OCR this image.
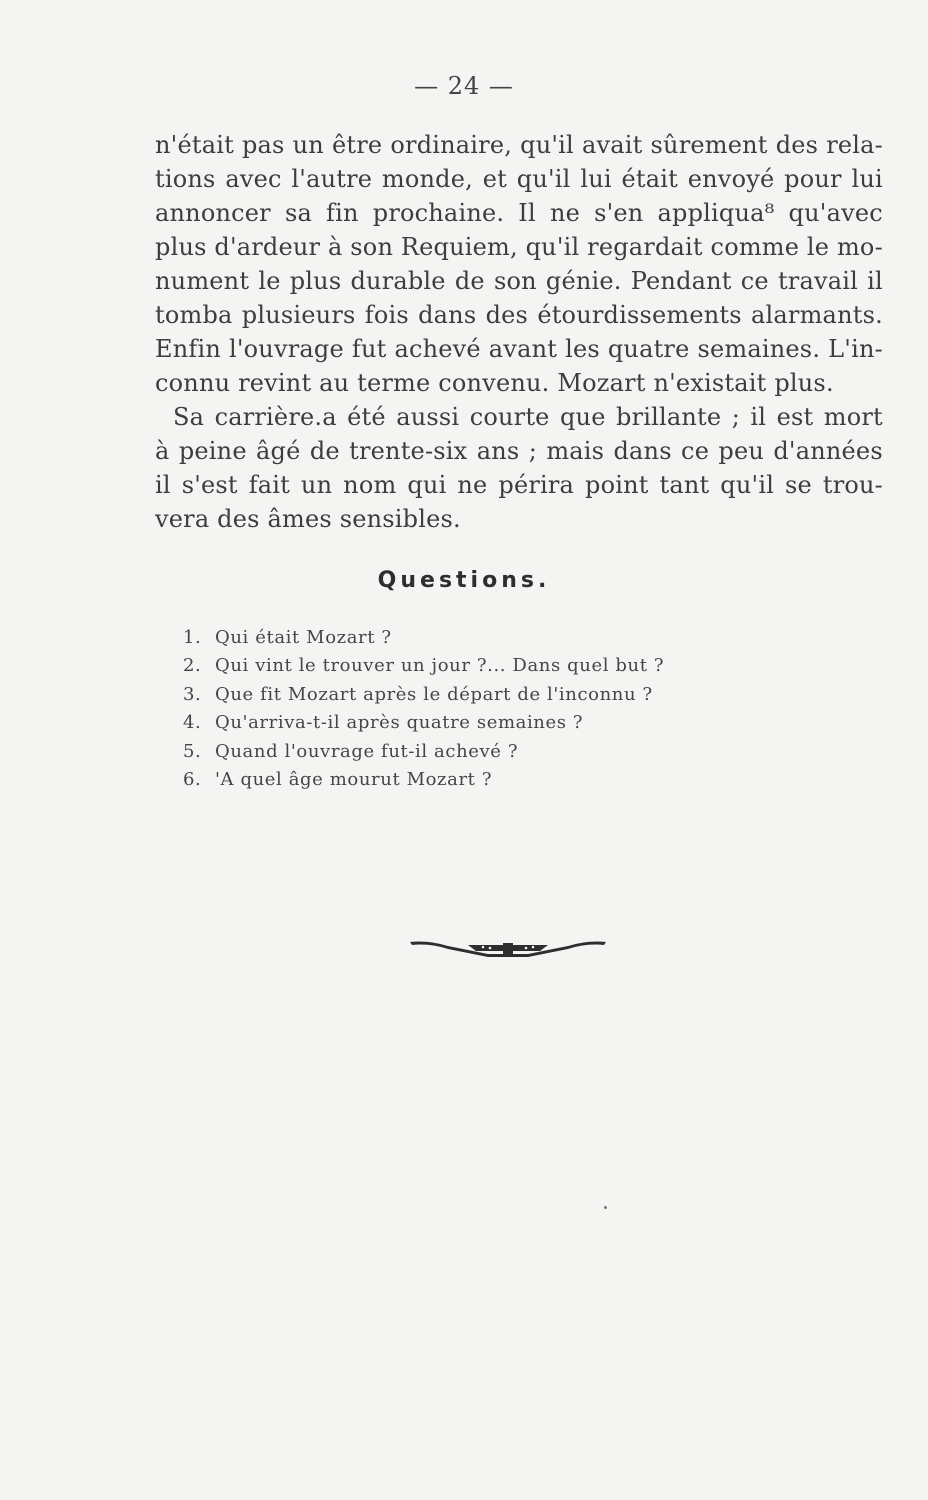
— 24 —
n'était pas un être ordinaire, qu'il avait sûrement des rela-
tions avec l'autre monde, et qu'il lui était envoyé pour lui
annoncer sa fin prochaine. Il ne s'en appliqua⁸ qu'avec
plus d'ardeur à son Requiem, qu'il regardait comme le mo-
nument le plus durable de son génie. Pendant ce travail il
tomba plusieurs fois dans des étourdissements alarmants.
Enfin l'ouvrage fut achevé avant les quatre semaines. L'in-
connu revint au terme convenu. Mozart n'existait plus.
Sa carrière.a été aussi courte que brillante ; il est mort
à peine âgé de trente-six ans ; mais dans ce peu d'années
il s'est fait un nom qui ne périra point tant qu'il se trou-
vera des âmes sensibles.
Questions.
1. Qui était Mozart ?
2. Qui vint le trouver un jour ?... Dans quel but ?
3. Que fit Mozart après le départ de l'inconnu ?
4. Qu'arriva-t-il après quatre semaines ?
5. Quand l'ouvrage fut-il achevé ?
6. 'A quel âge mourut Mozart ?
